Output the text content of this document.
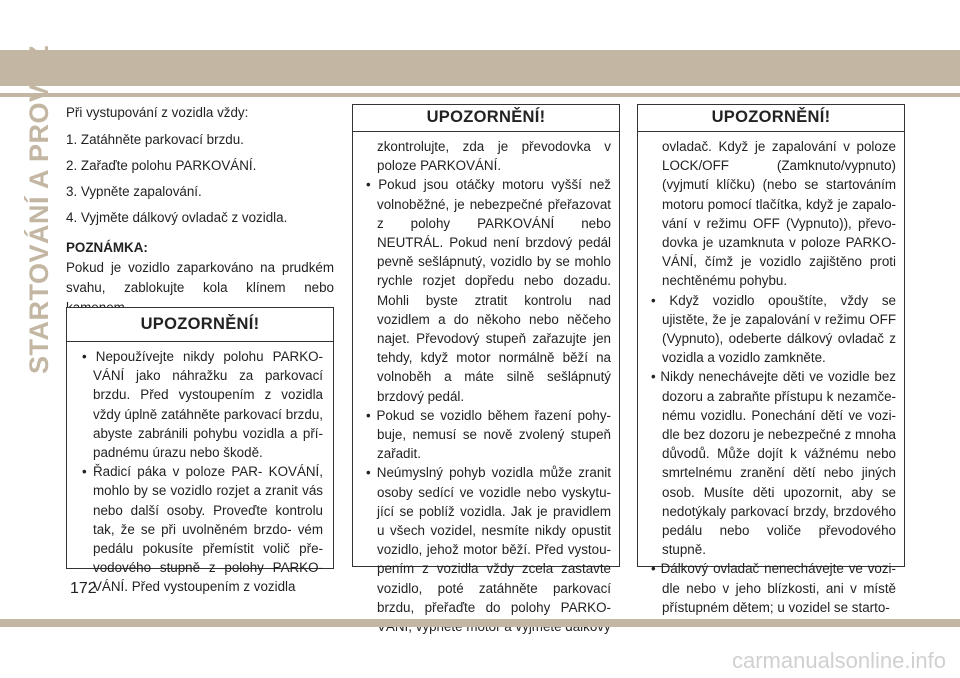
STARTOVÁNÍ A PROVOZ Při vystupování z vozidla vždy:

1. Zatáhněte parkovací brzdu.

2. Zařaďte polohu PARKOVÁNÍ.

3. Vypněte zapalování.

4. Vyjměte dálkový ovladač z vozidla.

POZNÁMKA:

Pokud je vozidlo zaparkováno na prudkém svahu, zablokujte kola klínem nebo

UPOZORNĚNÍ!

• Nepoužívejte nikdy polohu PARKO- VÁNÍ jako náhražku za parkovací brzdu. Před vystoupením z vozidla vždy úplně zatáhněte parkovací brzdu, abyste zabránili pohybu vozidla a pří- padnému úrazu nebo škodě.

• Řadicí páka v poloze PAR- KOVÁNÍ, mohlo by se vozidlo rozjet a zranit vás nebo další osoby. Proveďte kontrolu tak, že se při uvolněném brzdo- vém pedálu pokusíte přemístit volič pře- vodového stupně z polohy PARKO- VÁNÍ. Před vystoupením z vozidla

UPOZORNĚNÍ!

zkontrolujte, zda je převodovka v poloze PARKOVÁNÍ.

• Pokud jsou otáčky motoru vyšší než volnoběžné, je nebezpečné přeřazovat z polohy PARKOVÁNÍ nebo NEUTRÁL. Pokud není brzdový pedál pevně sešlápnutý, vozidlo by se mohlo rychle rozjet dopředu nebo dozadu. Mohli byste ztratit kontrolu nad vozidlem a do někoho nebo něčeho najet. Převodový stupeň zařazujte jen tehdy, když motor normálně běží na volnoběh a máte silně sešlápnutý brzdový pedál.

• Pokud se vozidlo během řazení pohy- buje, nemusí se nově zvolený stupeň zařadit.

• Neúmyslný pohyb vozidla může zranit osoby sedící ve vozidle nebo vyskytu- jící se poblíž vozidla. Jak je pravidlem u všech vozidel, nesmíte nikdy opustit vozidlo, jehož motor běží. Před vystou- pením z vozidla vždy zcela zastavte vozidlo, poté zatáhněte parkovací brzdu, přeřaďte do polohy PARKO-

UPOZORNĚNÍ!

ovladač. Když je zapalování v poloze LOCK/OFF (Zamknuto/vypnuto) (vyjmutí klíčku) (nebo se startováním motoru pomocí tlačítka, když je zapalo- vání v režimu OFF (Vypnuto)), převo- dovka je uzamknuta v poloze PARKO- VÁNÍ, čímž je vozidlo zajištěno proti nechtěnému pohybu.

• Když vozidlo opouštíte, vždy se ujistěte, že je zapalování v režimu OFF (Vypnuto), odeberte dálkový ovladač z vozidla a vozidlo zamkněte.

• Nikdy nenechávejte děti ve vozidle bez dozoru a zabraňte přístupu k nezamče- nému vozidlu. Ponechání dětí ve vozi- dle bez dozoru je nebezpečné z mnoha důvodů. Může dojít k vážnému nebo smrtelnému zranění dětí nebo jiných osob. Musíte děti upozornit, aby se nedotýkaly parkovací brzdy, brzdového pedálu nebo voliče převodového stupně.

• Dálkový ovladač nenechávejte ve vozi- dle nebo v jeho blízkosti, ani v místě přístupném dětem; u vozidel se starto-

172
carmanualsonline.info
